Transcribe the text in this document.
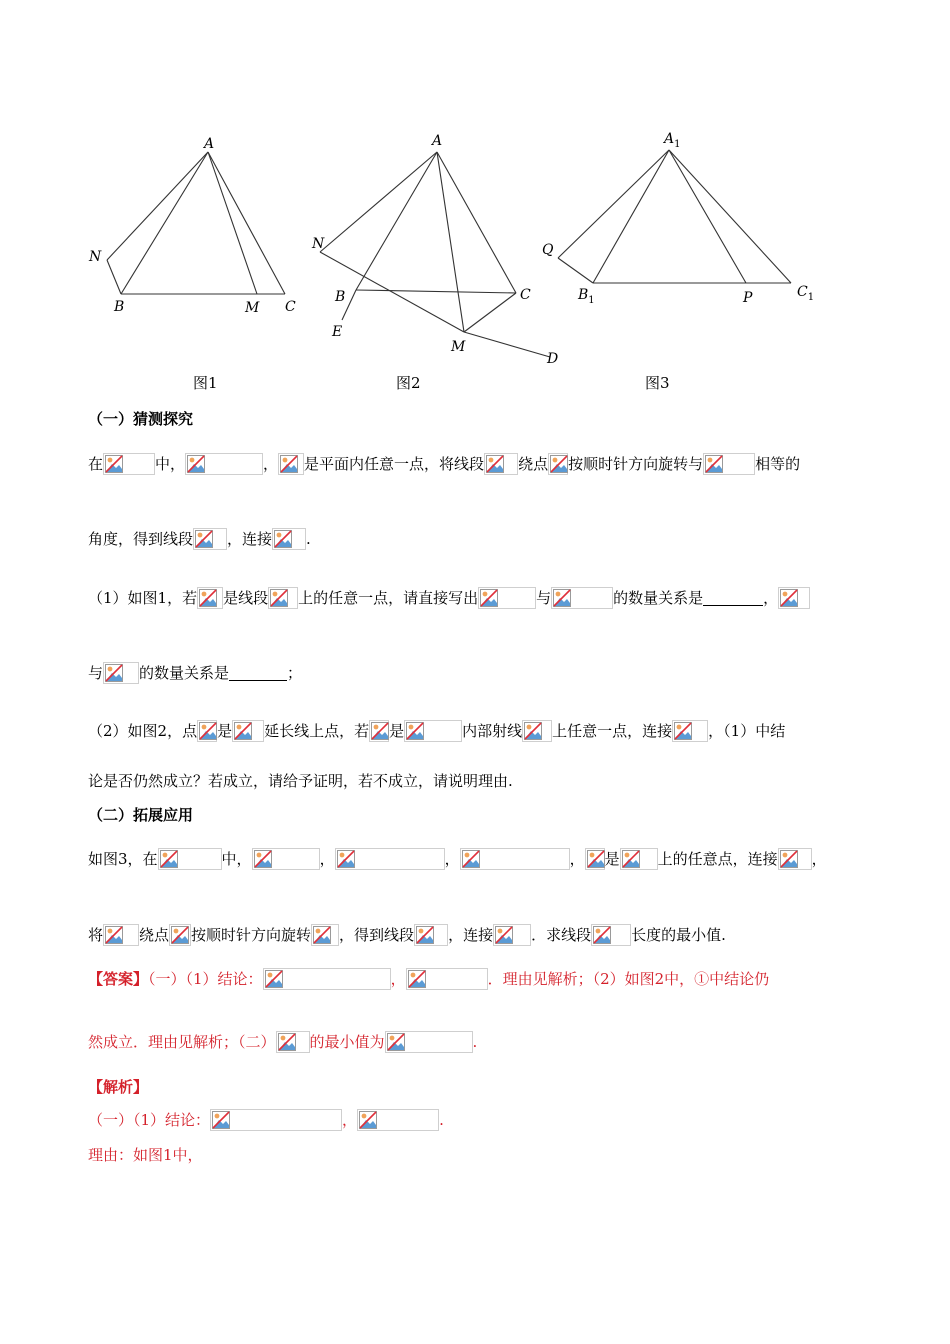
A
N
B	M C
图1
A
N
B	C
E
M
D
图2
$A_1$
Q
$B_1$	P	$C_1$
图3
（一）猜测探究
在	中，	， 是平面内任意一点，将线段 绕点 按顺时针方向旋转与	相等的
角度，得到线段 ，连接 .
（1）如图1，若 是线段 上的任意一点，请直接写出	与	的数量关系是	，
与 的数量关系是	；
（2）如图2，点 是 延长线上点，若 是	内部射线 上任意一点，连接 ，（1）中结
论是否仍然成立？若成立，请给予证明，若不成立，请说明理由.
（二）拓展应用
如图3，在	中，	，	，	， 是	上的任意点，连接 ，
将 绕点 按顺时针方向旋转 ，得到线段 ，连接	．求线段	长度的最小值.
【答案】（一）（1）结论：	，	．理由见解析；（2）如图2中，①中结论仍
然成立．理由见解析；（二） 的最小值为	.
【解析】
（一）（1）结论：	，	.
理由：如图1中，
